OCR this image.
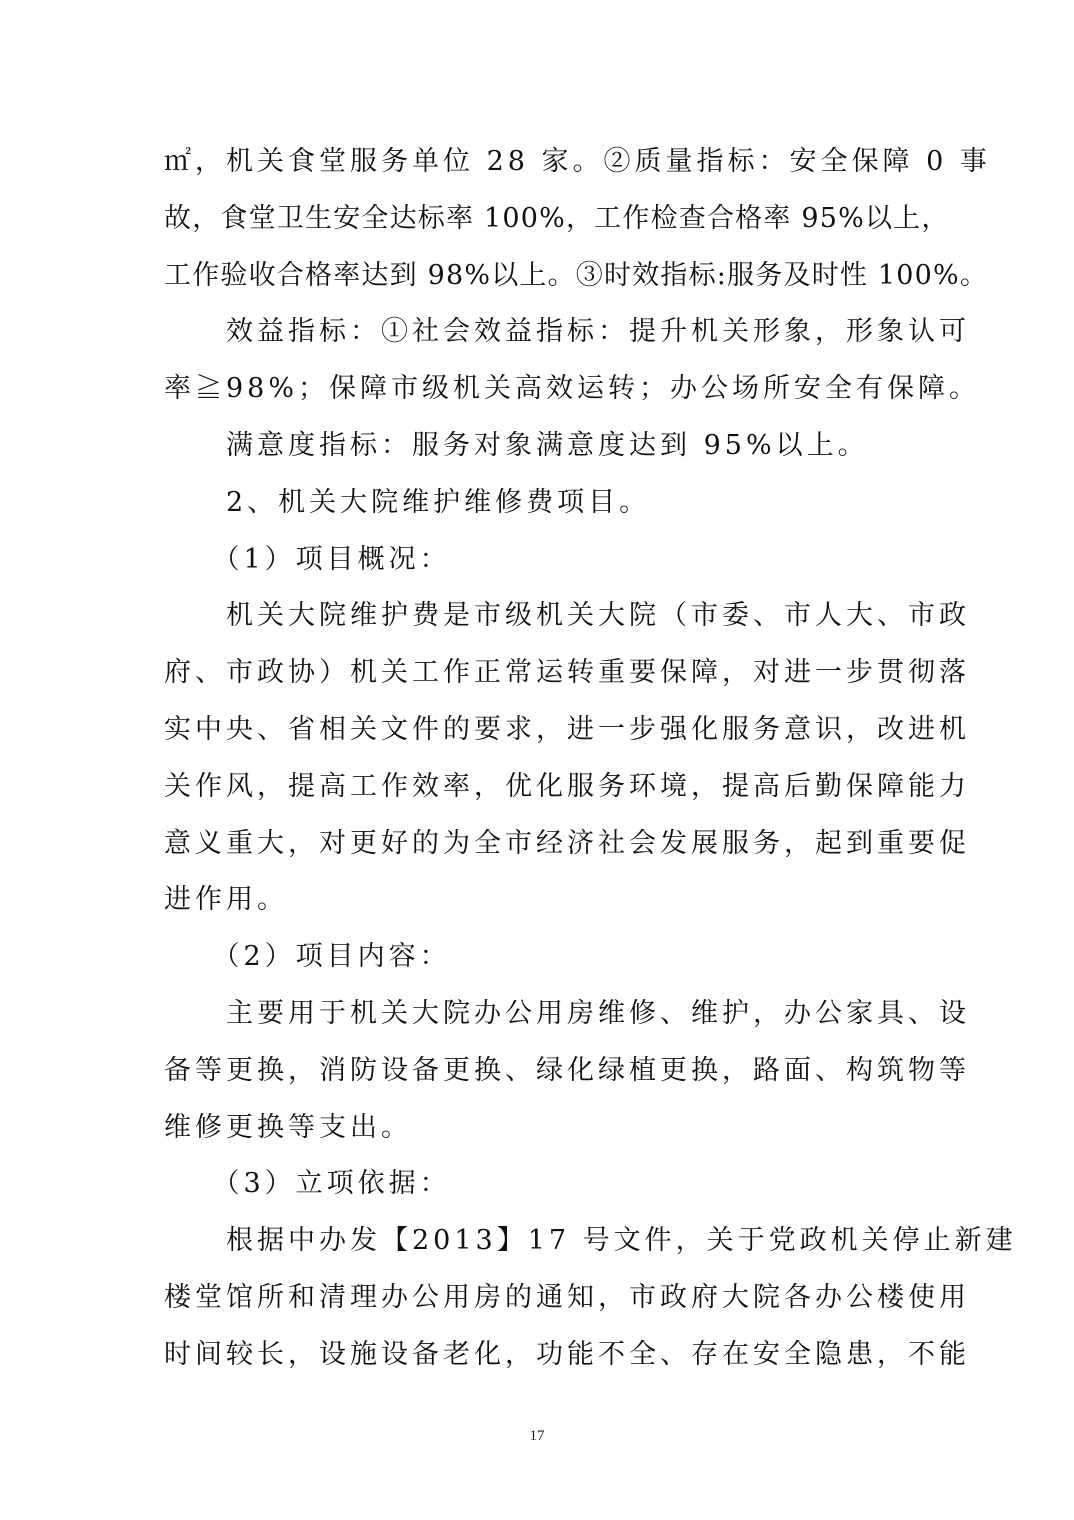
㎡，机关食堂服务单位 28 家。②质量指标：安全保障 0 事
故，食堂卫生安全达标率 100%，工作检查合格率 95%以上，
工作验收合格率达到 98%以上。③时效指标:服务及时性 100%。
　　效益指标：①社会效益指标：提升机关形象，形象认可
率≧98%；保障市级机关高效运转；办公场所安全有保障。
　　满意度指标：服务对象满意度达到 95%以上。
　　2、机关大院维护维修费项目。
　　（1）项目概况：
　　机关大院维护费是市级机关大院（市委、市人大、市政
府、市政协）机关工作正常运转重要保障，对进一步贯彻落
实中央、省相关文件的要求，进一步强化服务意识，改进机
关作风，提高工作效率，优化服务环境，提高后勤保障能力
意义重大，对更好的为全市经济社会发展服务，起到重要促
进作用。
　　（2）项目内容：
　　主要用于机关大院办公用房维修、维护，办公家具、设
备等更换，消防设备更换、绿化绿植更换，路面、构筑物等
维修更换等支出。
　　（3）立项依据：
　　根据中办发【2013】17 号文件，关于党政机关停止新建
楼堂馆所和清理办公用房的通知，市政府大院各办公楼使用
时间较长，设施设备老化，功能不全、存在安全隐患，不能
17
